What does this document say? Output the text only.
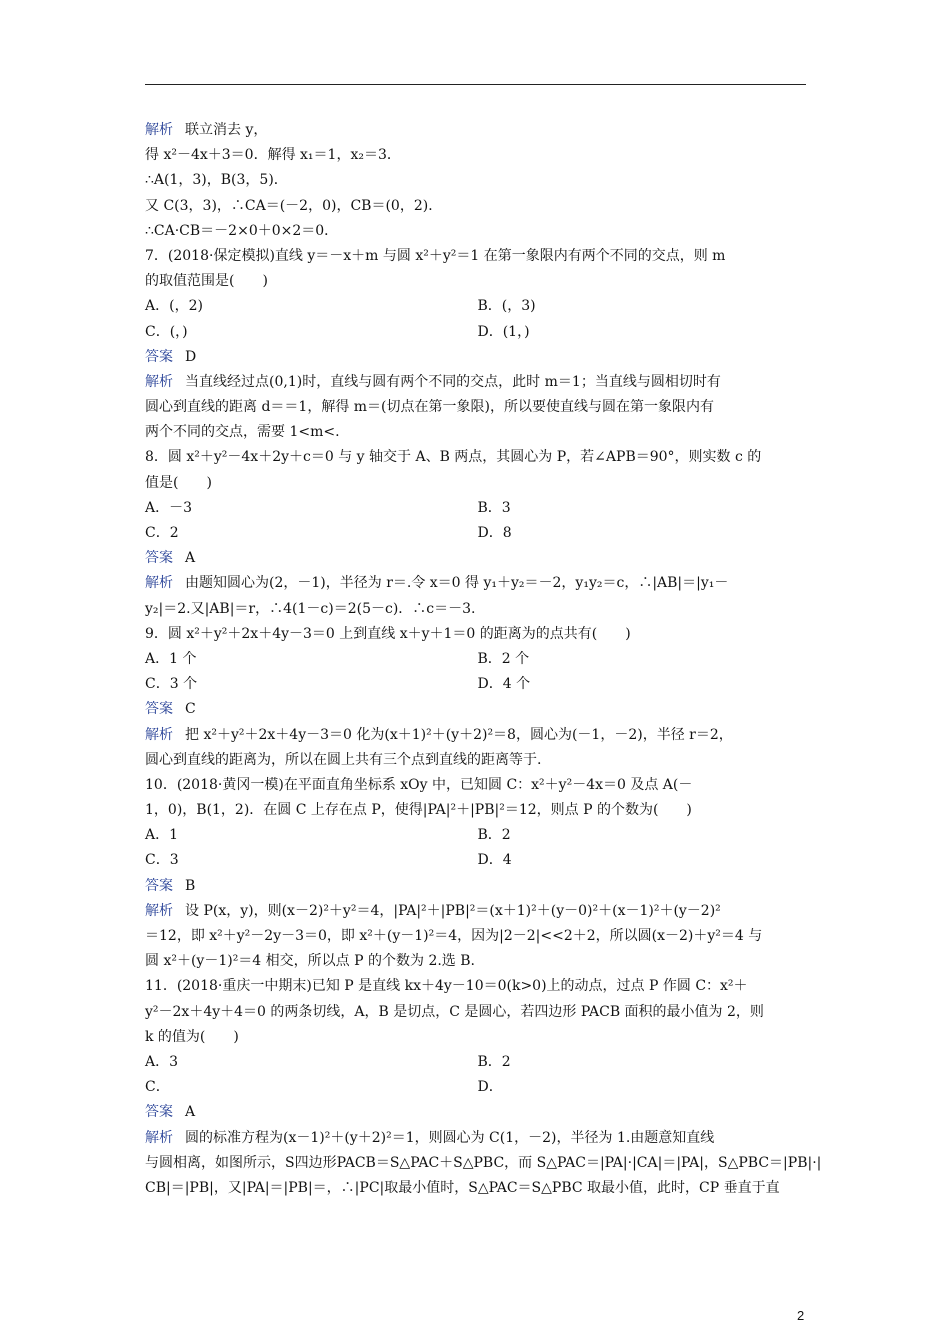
解析 联立消去 y，
得 x²－4x＋3＝0．解得 x₁＝1，x₂＝3．
∴A(1，3)，B(3，5)．
又 C(3，3)，∴CA＝(－2，0)，CB＝(0，2)．
∴CA·CB＝－2×0＋0×2＝0．
7．(2018·保定模拟)直线 y＝－x＋m 与圆 x²＋y²＝1 在第一象限内有两个不同的交点，则 m
的取值范围是(　　)
A．(，2)	B．(，3)
C．(，)	D．(1，)
答案 D
解析 当直线经过点(0,1)时，直线与圆有两个不同的交点，此时 m＝1；当直线与圆相切时有
圆心到直线的距离 d＝＝1，解得 m＝(切点在第一象限)，所以要使直线与圆在第一象限内有
两个不同的交点，需要 1<m<.
8．圆 x²＋y²－4x＋2y＋c＝0 与 y 轴交于 A、B 两点，其圆心为 P，若∠APB＝90°，则实数 c 的
值是(　　)
A．－3	B．3
C．2	D．8
答案 A
解析 由题知圆心为(2，－1)，半径为 r＝.令 x＝0 得 y₁＋y₂＝－2，y₁y₂＝c，∴|AB|＝|y₁－
y₂|＝2.又|AB|＝r，∴4(1－c)＝2(5－c)．∴c＝－3.
9．圆 x²＋y²＋2x＋4y－3＝0 上到直线 x＋y＋1＝0 的距离为的点共有(　　)
A．1 个	B．2 个
C．3 个	D．4 个
答案 C
解析 把 x²＋y²＋2x＋4y－3＝0 化为(x＋1)²＋(y＋2)²＝8，圆心为(－1，－2)，半径 r＝2，
圆心到直线的距离为，所以在圆上共有三个点到直线的距离等于.
10．(2018·黄冈一模)在平面直角坐标系 xOy 中，已知圆 C：x²＋y²－4x＝0 及点 A(－
1，0)，B(1，2)．在圆 C 上存在点 P，使得|PA|²＋|PB|²＝12，则点 P 的个数为(　　)
A．1	B．2
C．3	D．4
答案 B
解析 设 P(x，y)，则(x－2)²＋y²＝4，|PA|²＋|PB|²＝(x＋1)²＋(y－0)²＋(x－1)²＋(y－2)²
＝12，即 x²＋y²－2y－3＝0，即 x²＋(y－1)²＝4，因为|2－2|<<2＋2，所以圆(x－2)＋y²＝4 与
圆 x²＋(y－1)²＝4 相交，所以点 P 的个数为 2.选 B.
11．(2018·重庆一中期末)已知 P 是直线 kx＋4y－10＝0(k>0)上的动点，过点 P 作圆 C：x²＋
y²－2x＋4y＋4＝0 的两条切线，A，B 是切点，C 是圆心，若四边形 PACB 面积的最小值为 2，则
k 的值为(　　)
A．3	B．2
C．	D．
答案 A
解析 圆的标准方程为(x－1)²＋(y＋2)²＝1，则圆心为 C(1，－2)，半径为 1.由题意知直线
与圆相离，如图所示，S四边形PACB＝S△PAC＋S△PBC，而 S△PAC＝|PA|·|CA|＝|PA|，S△PBC＝|PB|·|
CB|＝|PB|，又|PA|＝|PB|＝，∴|PC|取最小值时，S△PAC＝S△PBC 取最小值，此时，CP 垂直于直
2
